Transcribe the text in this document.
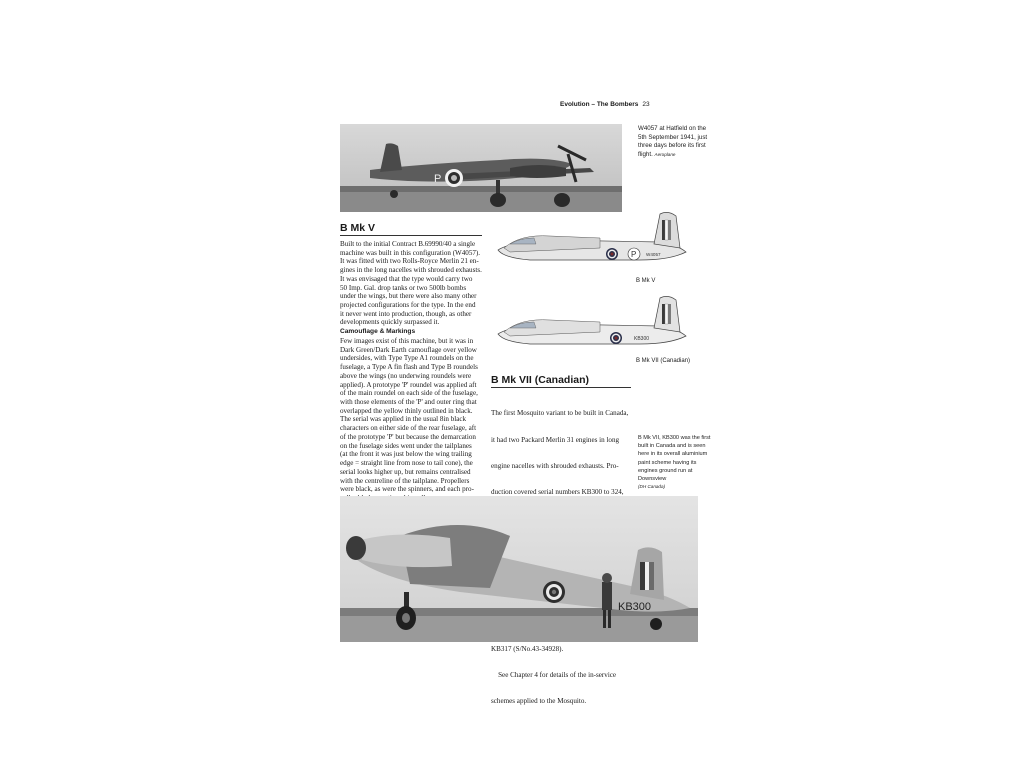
Evolution – The Bombers 23
P
W4057 at Hatfield on the 5th September 1941, just three days before its first flight. Aeroplane
B Mk V
Built to the initial Contract B.69990/40 a single
machine was built in this configuration (W4057).
It was fitted with two Rolls-Royce Merlin 21 en-
gines in the long nacelles with shrouded exhausts.
It was envisaged that the type would carry two
50 Imp. Gal. drop tanks or two 500lb bombs
under the wings, but there were also many other
projected configurations for the type. In the end
it never went into production, though, as other
developments quickly surpassed it.
Camouflage & Markings
Few images exist of this machine, but it was in
Dark Green/Dark Earth camouflage over yellow
undersides, with Type Type A1 roundels on the
fuselage, a Type A fin flash and Type B roundels
above the wings (no underwing roundels were
applied). A prototype 'P' roundel was applied aft
of the main roundel on each side of the fuselage,
with those elements of the 'P' and outer ring that
overlapped the yellow thinly outlined in black.
The serial was applied in the usual 8in black
characters on either side of the rear fuselage, aft
of the prototype 'P' but because the demarcation
on the fuselage sides went under the tailplanes
(at the front it was just below the wing trailing
edge = straight line from nose to tail cone), the
serial looks higher up, but remains centralised
with the centreline of the tailplane. Propellers
were black, as were the spinners, and each pro-
P W4057
B Mk V
KB300
B Mk VII (Canadian)
B Mk VII (Canadian)

The first Mosquito variant to be built in Canada,

it had two Packard Merlin 31 engines in long

engine nacelles with shrouded exhausts. Pro-

duction covered serial numbers KB300 to 324,

KB317 (S/No.43-34928).

See Chapter 4 for details of the in-service

schemes applied to the Mosquito.

B Mk VII, KB300 was the first built in Canada and is seen here in its overall aluminium paint scheme having its engines ground run at Downsview
(DH Canada)
KB300
